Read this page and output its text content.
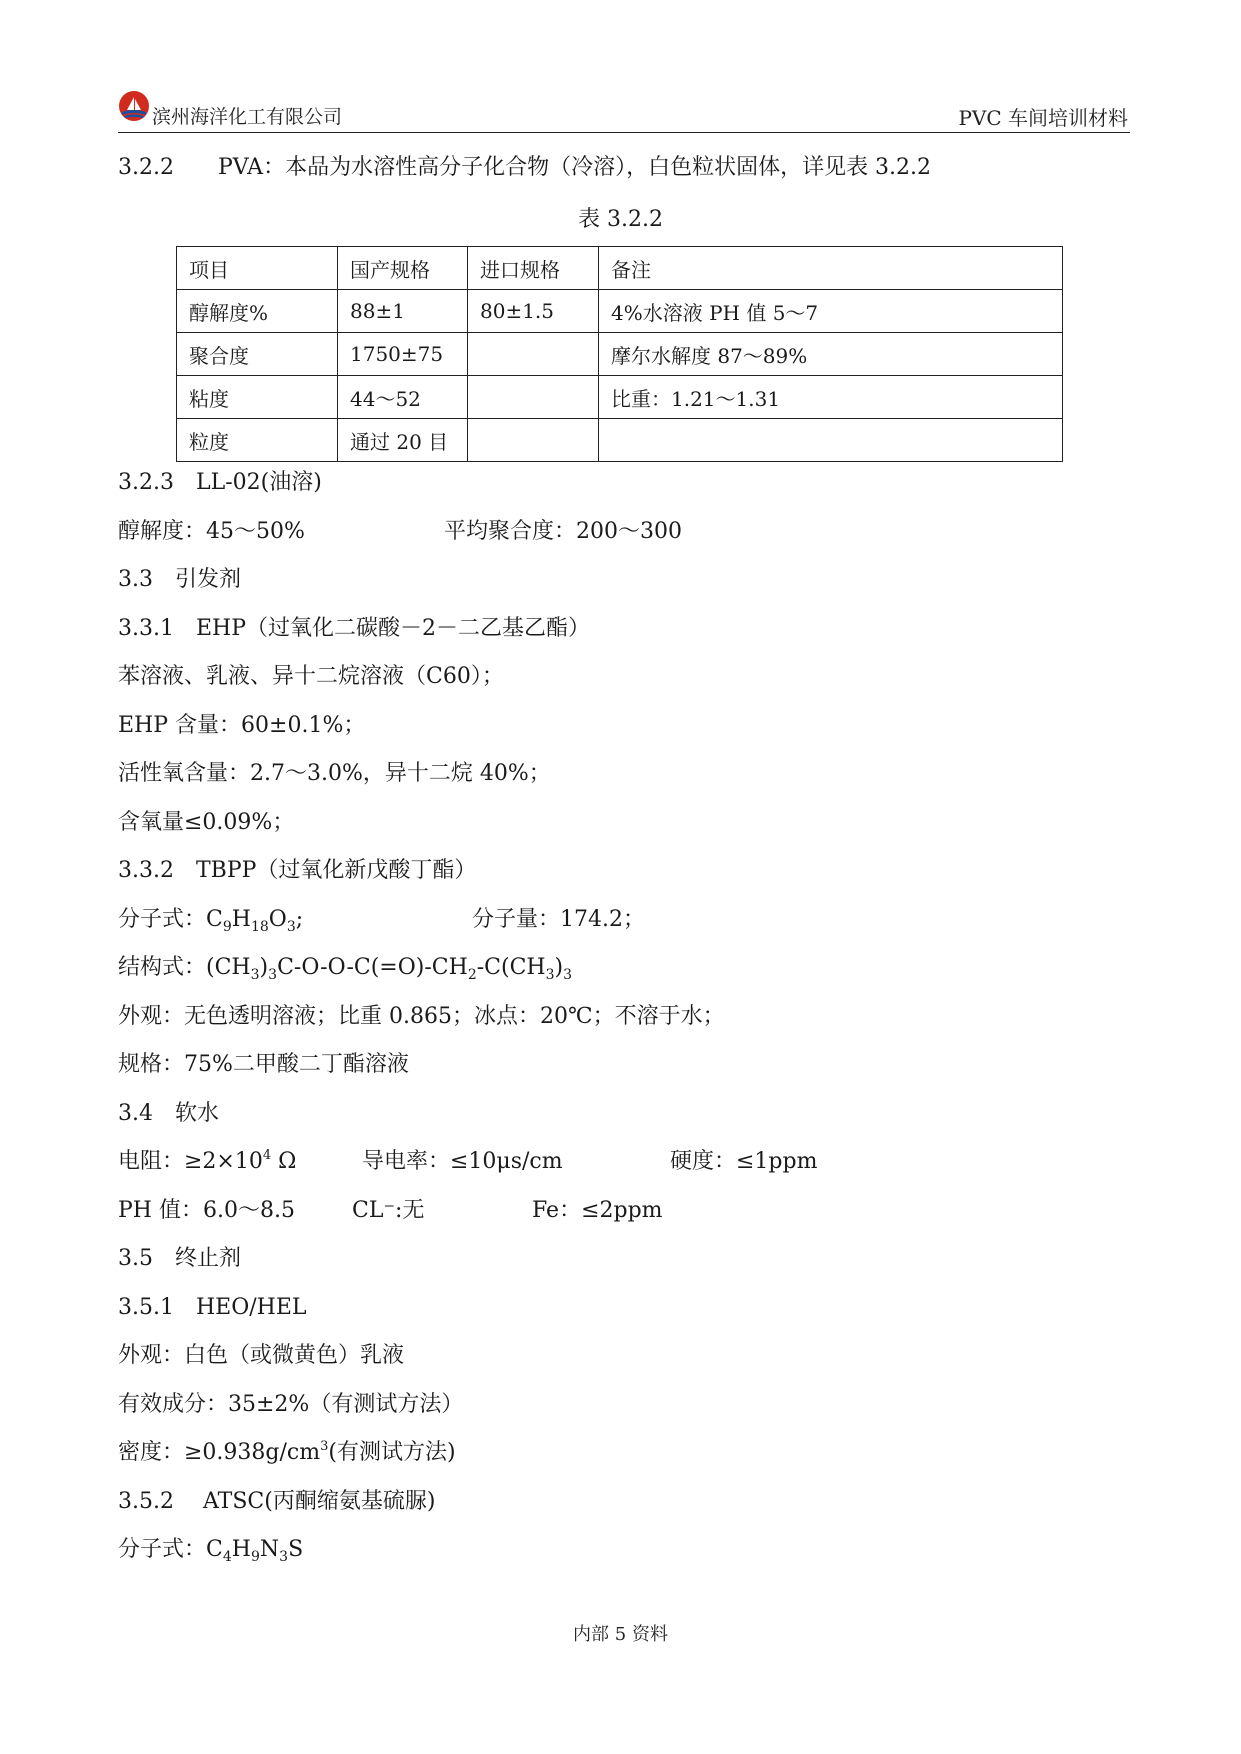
滨州海洋化工有限公司	PVC 车间培训材料
3.2.2　　PVA：本品为水溶性高分子化合物（冷溶），白色粒状固体，详见表 3.2.2
表 3.2.2
项目	国产规格	进口规格	备注
醇解度%	88±1	80±1.5	4%水溶液 PH 值 5～7
聚合度	1750±75		摩尔水解度 87～89%
粘度	44～52		比重：1.21～1.31
粒度	通过 20 目		
3.2.3　LL-02(油溶)
醇解度：45～50%	平均聚合度：200～300
3.3　引发剂
3.3.1　EHP（过氧化二碳酸－2－二乙基乙酯）
苯溶液、乳液、异十二烷溶液（C60）；
EHP 含量：60±0.1%；
活性氧含量：2.7～3.0%，异十二烷 40%；
含氧量≤0.09%；
3.3.2　TBPP（过氧化新戊酸丁酯）
分子式：$C_9H_{18}O_3$;	分子量：174.2；
结构式：$(CH_3)_3C-O-O-C(=O)-CH_2-C(CH_3)_3$
外观：无色透明溶液；比重 0.865；冰点：20℃；不溶于水；
规格：75%二甲酸二丁酯溶液
3.4　软水
电阻：$\ge 2\times 10^4$ Ω	导电率：≤10μs/cm	硬度：≤1ppm
PH 值：6.0～8.5	CL⁻:无	Fe：≤2ppm
3.5　终止剂
3.5.1　HEO/HEL
外观：白色（或微黄色）乳液
有效成分：35±2%（有测试方法）
密度：$\ge 0.938g/cm^3$(有测试方法)
3.5.2　 ATSC(丙酮缩氨基硫脲)
分子式：$C_4H_9N_3S$
内部 5 资料
